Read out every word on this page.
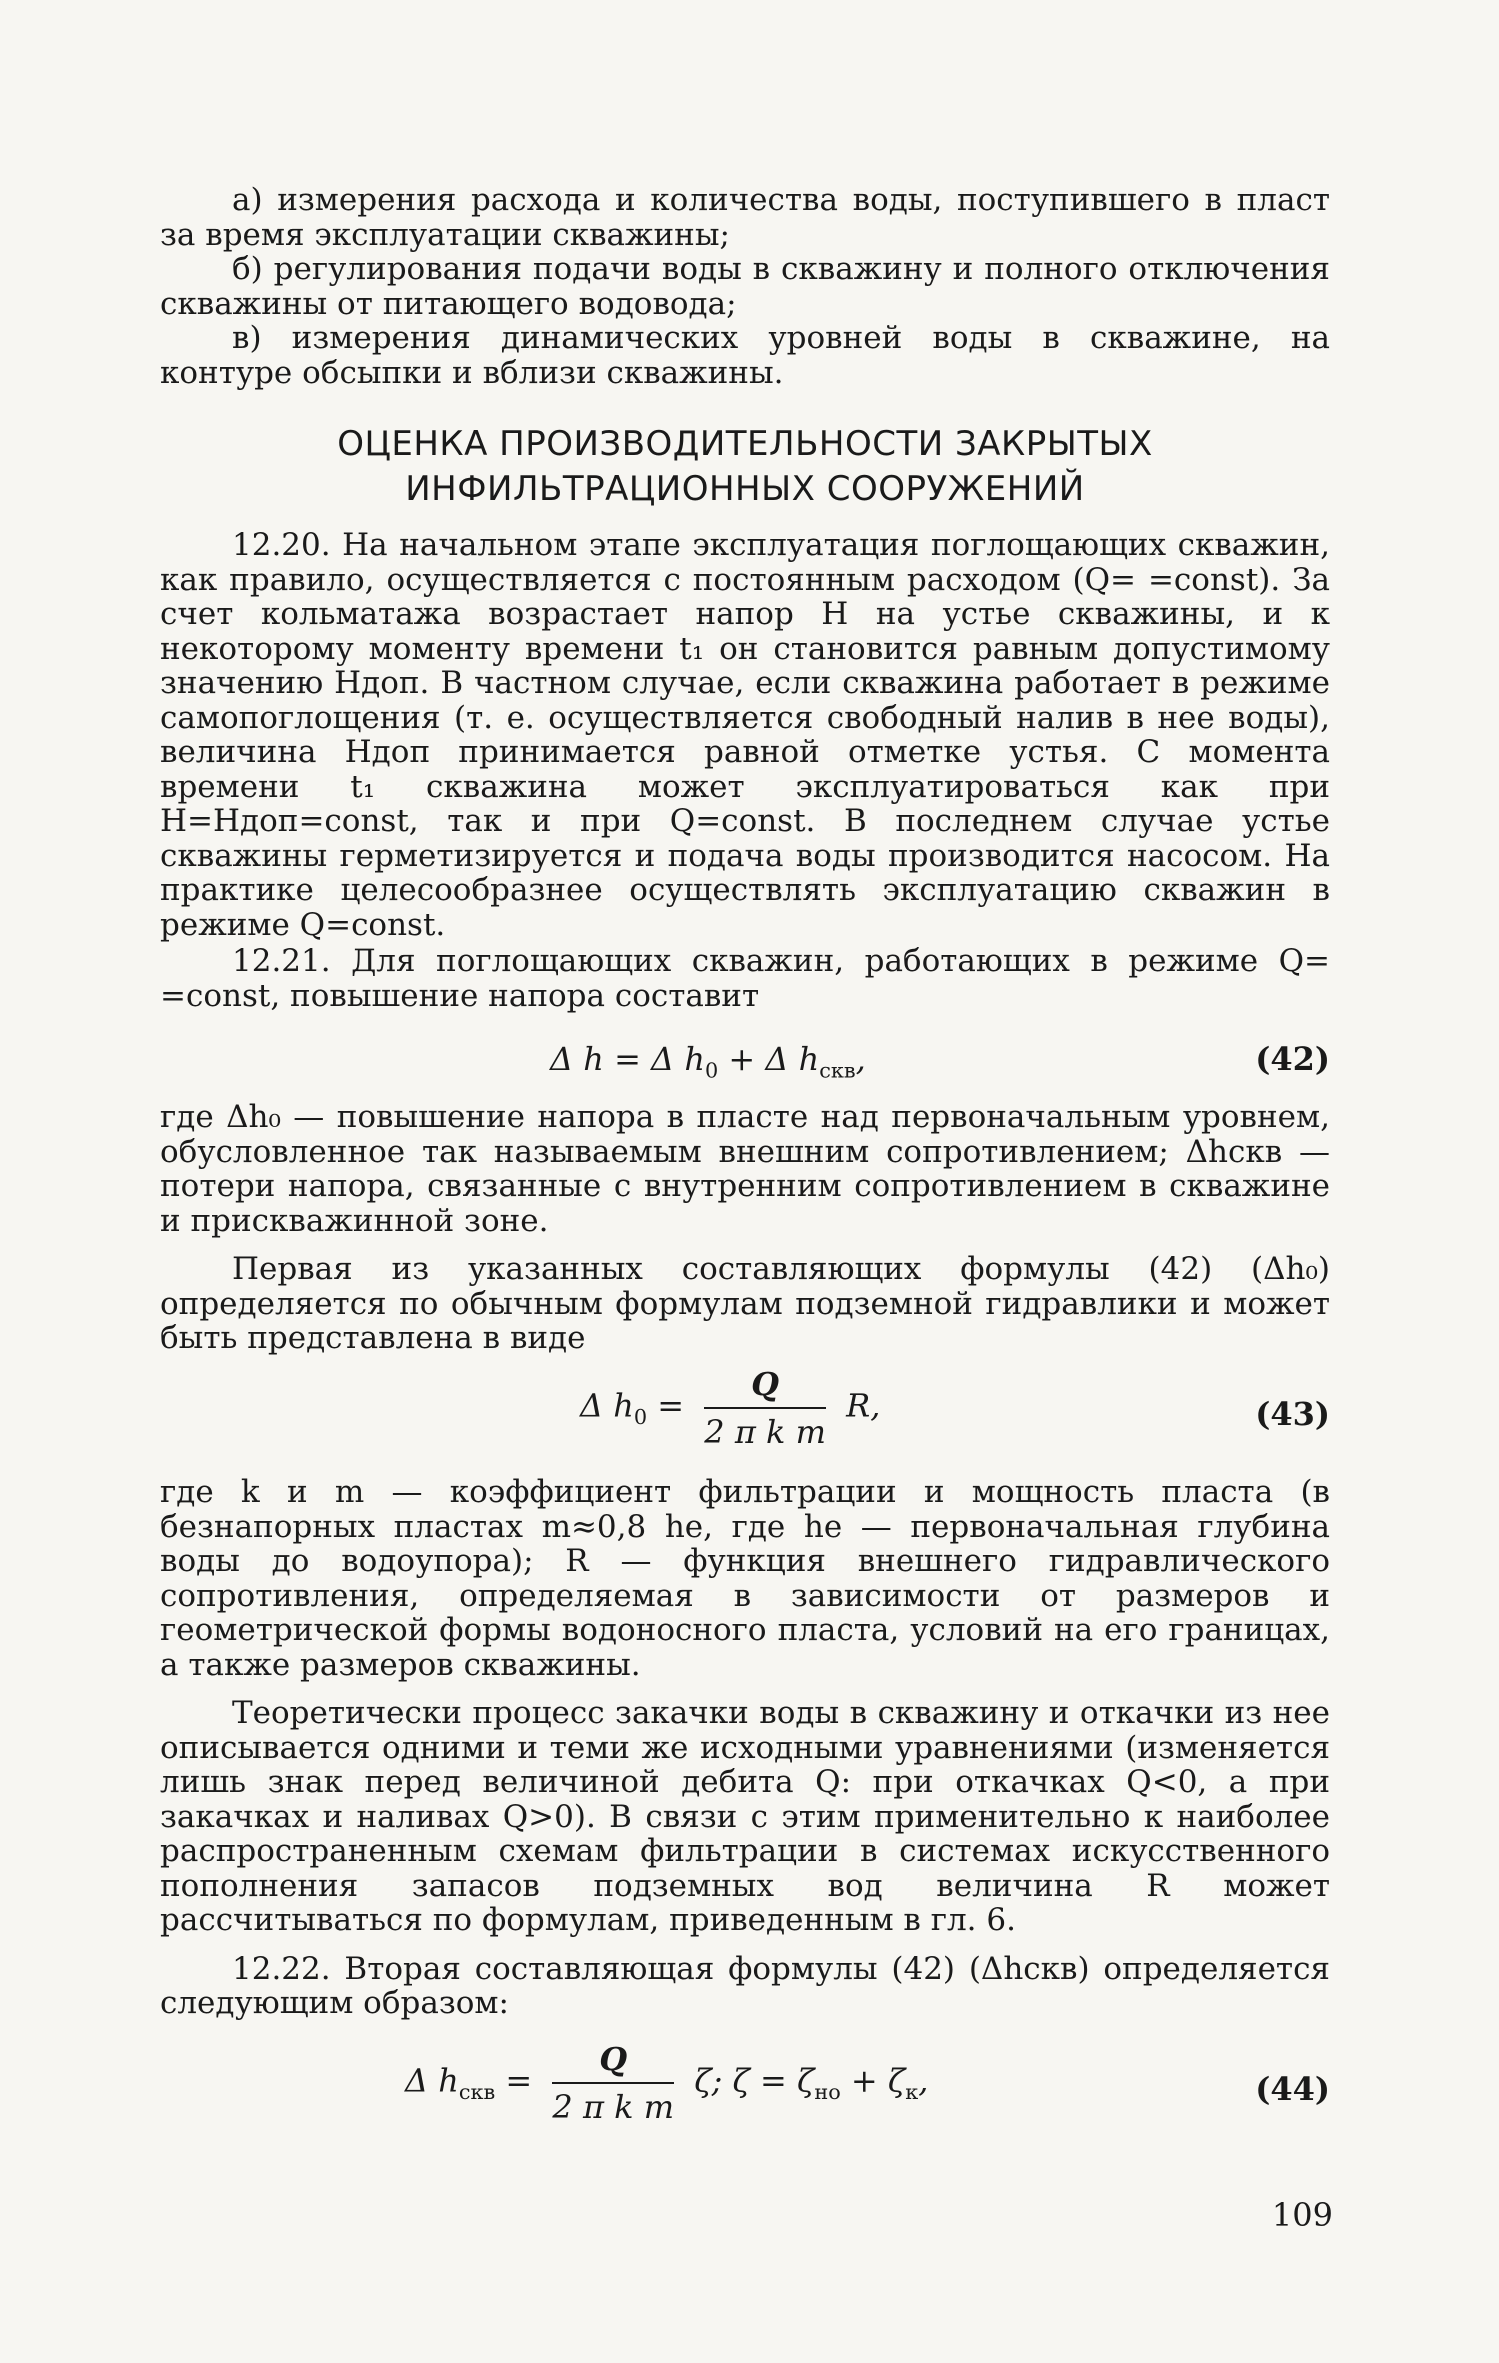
а) измерения расхода и количества воды, поступившего в пласт за время эксплуатации скважины;

б) регулирования подачи воды в скважину и полного отключения скважины от питающего водовода;

в) измерения динамических уровней воды в скважине, на контуре обсыпки и вблизи скважины.

ОЦЕНКА ПРОИЗВОДИТЕЛЬНОСТИ ЗАКРЫТЫХ
ИНФИЛЬТРАЦИОННЫХ СООРУЖЕНИЙ

12.20. На начальном этапе эксплуатация поглощающих скважин, как правило, осуществляется с постоянным расходом (Q= =const). За счет кольматажа возрастает напор H на устье скважины, и к некоторому моменту времени t₁ он становится равным допустимому значению Hдоп. В частном случае, если скважина работает в режиме самопоглощения (т. е. осуществляется свободный налив в нее воды), величина Hдоп принимается равной отметке устья. С момента времени t₁ скважина может эксплуатироваться как при H=Hдоп=const, так и при Q=const. В последнем случае устье скважины герметизируется и подача воды производится насосом. На практике целесообразнее осуществлять эксплуатацию скважин в режиме Q=const.

12.21. Для поглощающих скважин, работающих в режиме Q= =const, повышение напора составит

Δ h = Δ $h_0 + \Delta$ $h_{скв}$,	(42)

где Δh₀ — повышение напора в пласте над первоначальным уровнем, обусловленное так называемым внешним сопротивлением; Δhскв — потери напора, связанные с внутренним сопротивлением в скважине и прискважинной зоне.

Первая из указанных составляющих формулы (42) (Δh₀) определяется по обычным формулам подземной гидравлики и может быть представлена в виде

Δ $h_0 = \frac{Q}{\text{2 π k m}} R$,	(43)

где k и m — коэффициент фильтрации и мощность пласта (в безнапорных пластах m≈0,8 hе, где hе — первоначальная глубина воды до водоупора); R — функция внешнего гидравлического сопротивления, определяемая в зависимости от размеров и геометрической формы водоносного пласта, условий на его границах, а также размеров скважины.

Теоретически процесс закачки воды в скважину и откачки из нее описывается одними и теми же исходными уравнениями (изменяется лишь знак перед величиной дебита Q: при откачках Q<0, а при закачках и наливах Q>0). В связи с этим применительно к наиболее распространенным схемам фильтрации в системах искусственного пополнения запасов подземных вод величина R может рассчитываться по формулам, приведенным в гл. 6.

12.22. Вторая составляющая формулы (42) (Δhскв) определяется следующим образом:

Δ $h_{скв} = \frac{Q}{\text{2 π k m}} \zeta$; $\zeta = \zeta_{но} + \zeta_к$,	(44)
109
